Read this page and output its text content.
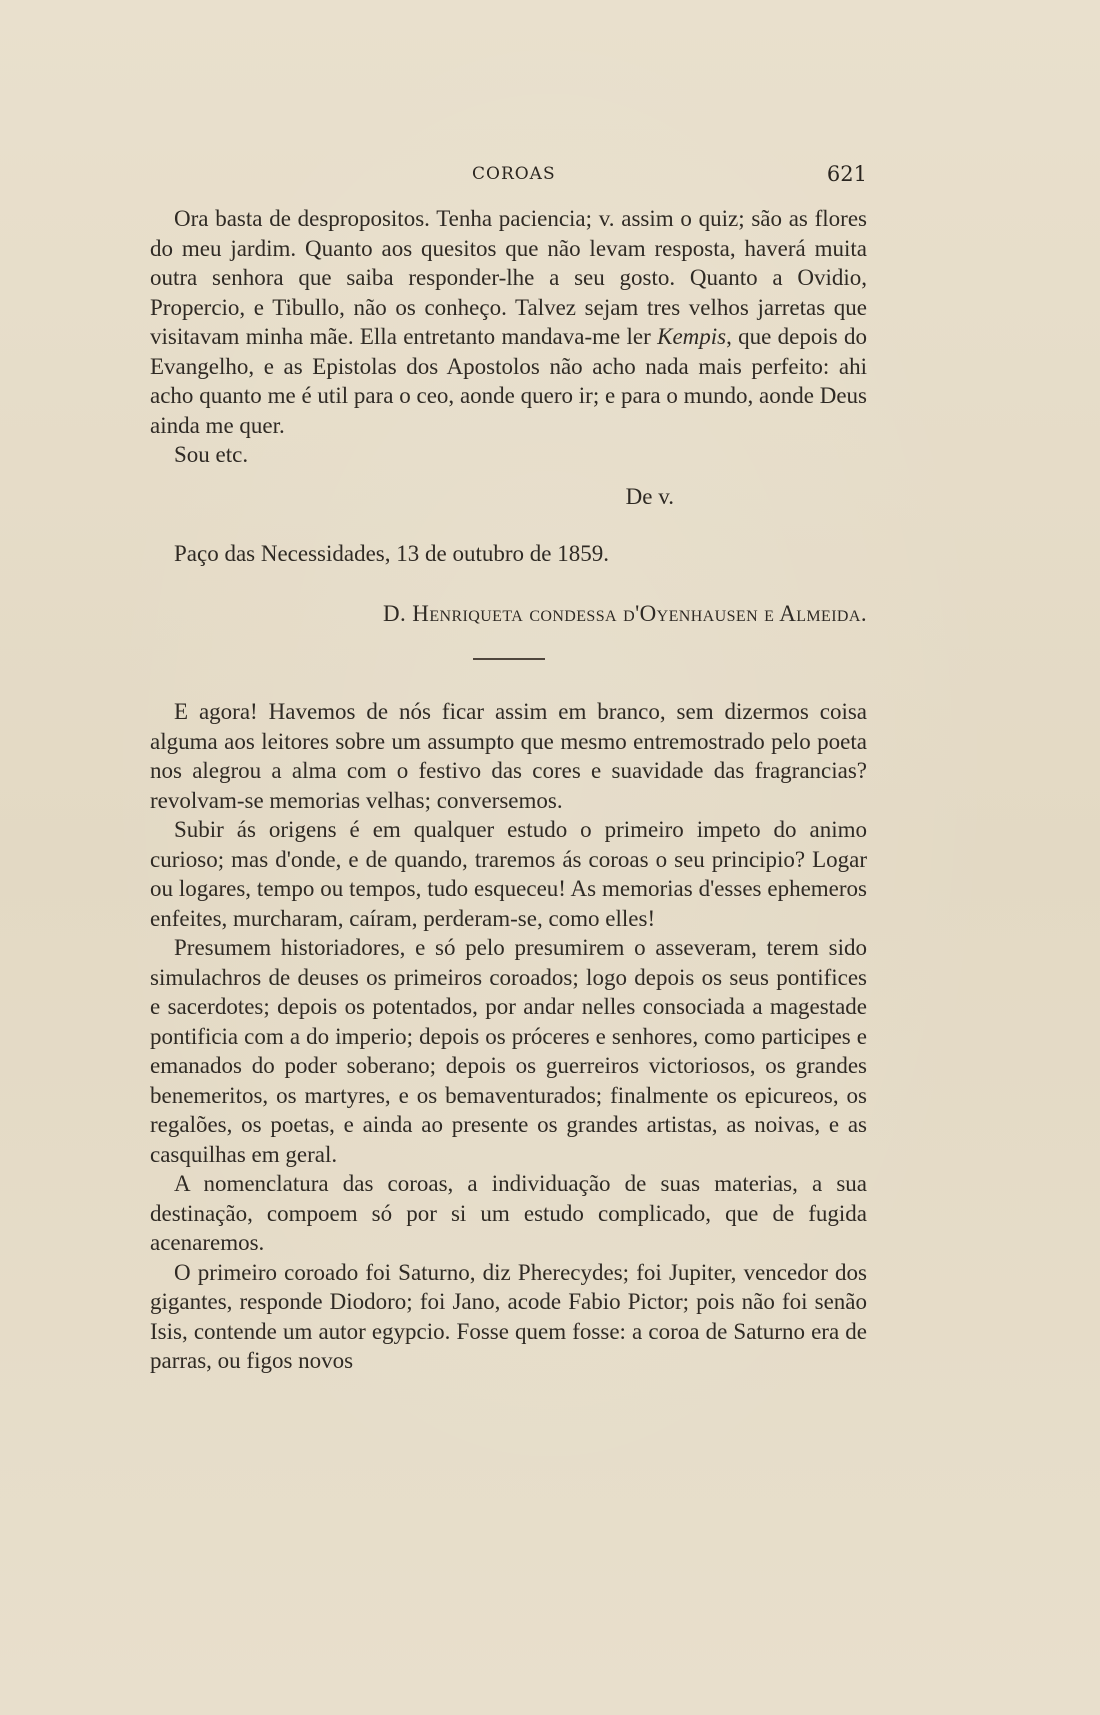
COROAS	621

Ora basta de despropositos. Tenha paciencia; v. assim o quiz; são as flores do meu jardim. Quanto aos quesitos que não levam resposta, haverá muita outra senhora que saiba responder-lhe a seu gosto. Quanto a Ovidio, Propercio, e Tibullo, não os conheço. Talvez sejam tres velhos jarretas que visitavam minha mãe. Ella entretanto mandava-me ler Kempis, que depois do Evangelho, e as Epistolas dos Apostolos não acho nada mais perfeito: ahi acho quanto me é util para o ceo, aonde quero ir; e para o mundo, aonde Deus ainda me quer.

Sou etc.

De v.

Paço das Necessidades, 13 de outubro de 1859.

D. Henriqueta condessa d'Oyenhausen e Almeida.

E agora! Havemos de nós ficar assim em branco, sem dizermos coisa alguma aos leitores sobre um assumpto que mesmo entremostrado pelo poeta nos alegrou a alma com o festivo das cores e suavidade das fragrancias? revolvam-se memorias velhas; conversemos.

Subir ás origens é em qualquer estudo o primeiro impeto do animo curioso; mas d'onde, e de quando, traremos ás coroas o seu principio? Logar ou logares, tempo ou tempos, tudo esqueceu! As memorias d'esses ephemeros enfeites, murcharam, caíram, perderam-se, como elles!

Presumem historiadores, e só pelo presumirem o asseveram, terem sido simulachros de deuses os primeiros coroados; logo depois os seus pontifices e sacerdotes; depois os potentados, por andar nelles consociada a magestade pontificia com a do imperio; depois os próceres e senhores, como participes e emanados do poder soberano; depois os guerreiros victoriosos, os grandes benemeritos, os martyres, e os bemaventurados; finalmente os epicureos, os regalões, os poetas, e ainda ao presente os grandes artistas, as noivas, e as casquilhas em geral.

A nomenclatura das coroas, a individuação de suas materias, a sua destinação, compoem só por si um estudo complicado, que de fugida acenaremos.

O primeiro coroado foi Saturno, diz Pherecydes; foi Jupiter, vencedor dos gigantes, responde Diodoro; foi Jano, acode Fabio Pictor; pois não foi senão Isis, contende um autor egypcio. Fosse quem fosse: a coroa de Saturno era de parras, ou figos novos
